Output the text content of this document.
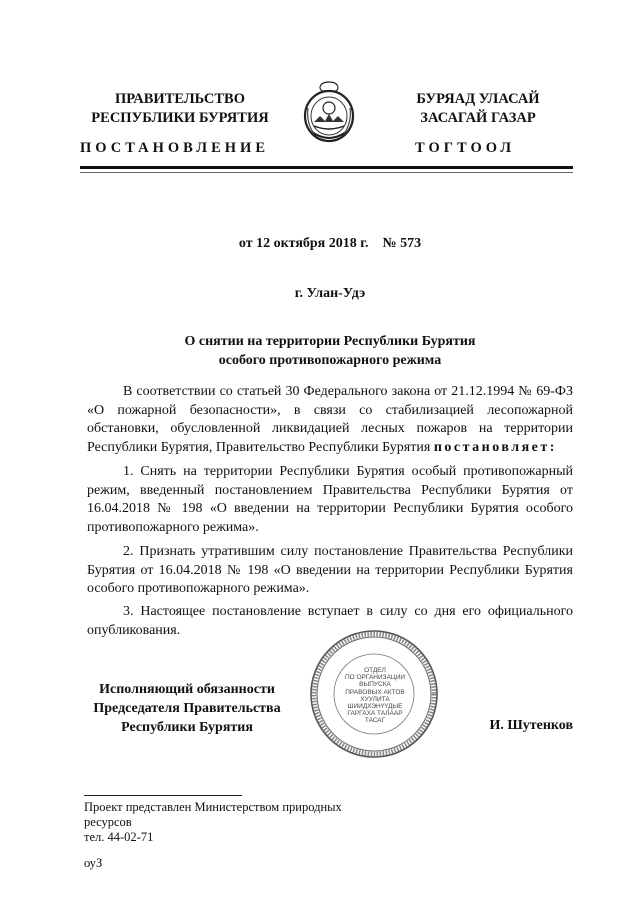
ПРАВИТЕЛЬСТВО
РЕСПУБЛИКИ БУРЯТИЯ
БУРЯАД УЛАСАЙ
ЗАСАГАЙ ГАЗАР
ПОСТАНОВЛЕНИЕ	ТОГТООЛ
от 12 октября 2018 г.    № 573
г. Улан-Удэ
О снятии на территории Республики Бурятия
особого противопожарного режима
В соответствии со статьей 30 Федерального закона от 21.12.1994 № 69-ФЗ «О пожарной безопасности», в связи со стабилизацией лесопожарной обстановки, обусловленной ликвидацией лесных пожаров на территории Республики Бурятия, Правительство Республики Бурятия постановляет:
1. Снять на территории Республики Бурятия особый противопожарный режим, введенный постановлением Правительства Республики Бурятия от 16.04.2018 № 198 «О введении на территории Республики Бурятия особого противопожарного режима».
2. Признать утратившим силу постановление Правительства Республики Бурятия от 16.04.2018 № 198 «О введении на территории Республики Бурятия особого противопожарного режима».
3. Настоящее постановление вступает в силу со дня его официального опубликования.
ОТДЕЛ
ПО ОРГАНИЗАЦИИ
ВЫПУСКА
ПРАВОВЫХ АКТОВ
ХУУЛИТА
ШИИДХЭНҮҮДЫЕ
ГАРГАХА ТАЛААР
ТАСАГ
Исполняющий обязанности
Председателя Правительства
Республики Бурятия	И. Шутенков
Проект представлен Министерством природных
ресурсов
тел. 44-02-71
оуЗ
